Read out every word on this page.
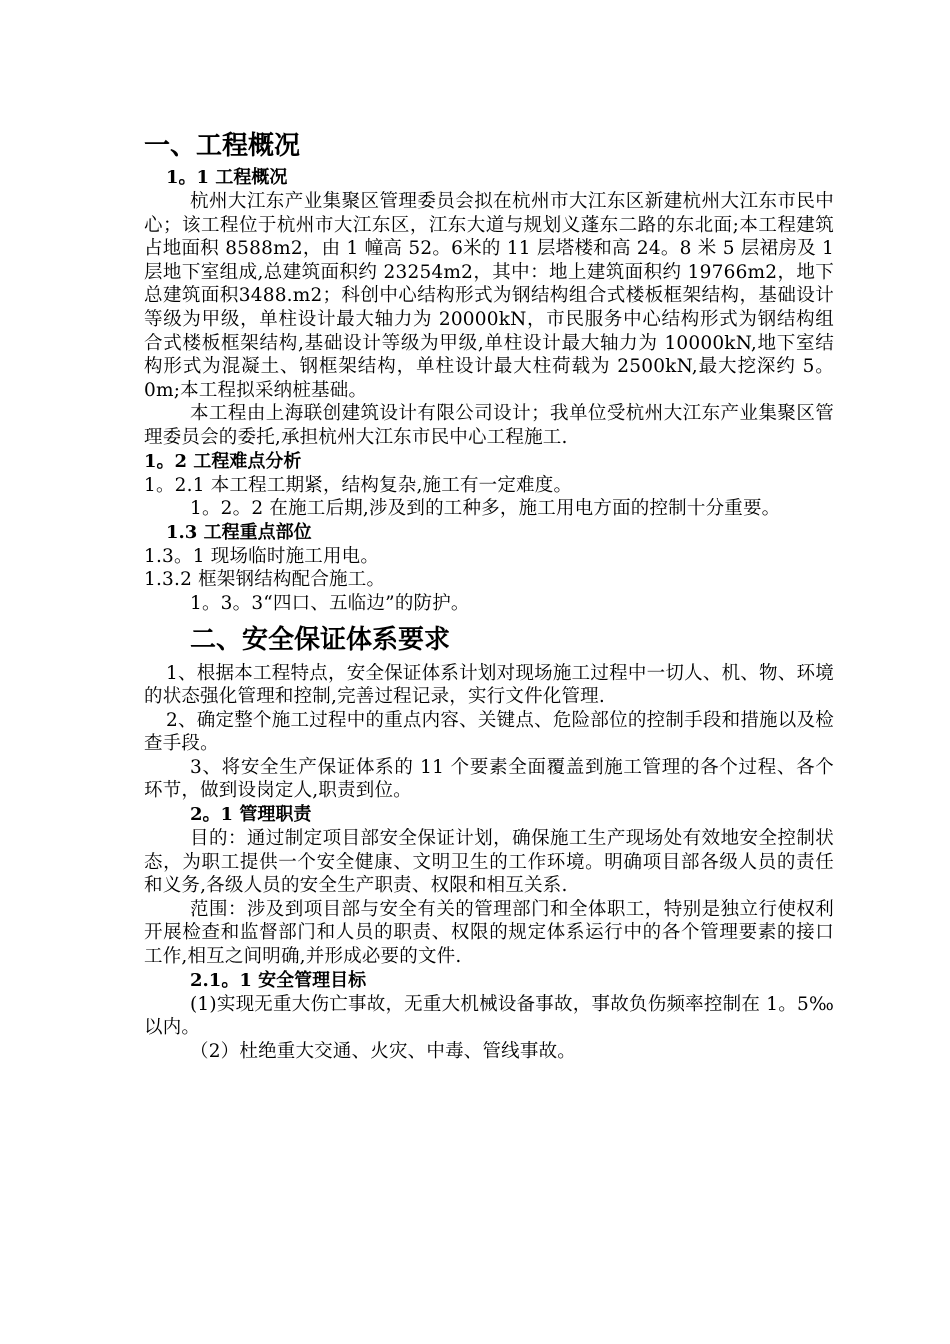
一、工程概况
1。1 工程概况

杭州大江东产业集聚区管理委员会拟在杭州市大江东区新建杭州大江东市民中心；该工程位于杭州市大江东区，江东大道与规划义蓬东二路的东北面;本工程建筑占地面积 8588m2，由 1 幢高 52。6米的 11 层塔楼和高 24。8 米 5 层裙房及 1 层地下室组成,总建筑面积约 23254m2，其中：地上建筑面积约 19766m2，地下总建筑面积3488.m2；科创中心结构形式为钢结构组合式楼板框架结构，基础设计等级为甲级，单柱设计最大轴力为 20000kN，市民服务中心结构形式为钢结构组合式楼板框架结构,基础设计等级为甲级,单柱设计最大轴力为 10000kN,地下室结构形式为混凝土、钢框架结构，单柱设计最大柱荷载为 2500kN,最大挖深约 5。0m;本工程拟采纳桩基础。

本工程由上海联创建筑设计有限公司设计；我单位受杭州大江东产业集聚区管理委员会的委托,承担杭州大江东市民中心工程施工.

1。2 工程难点分析

1。2.1 本工程工期紧，结构复杂,施工有一定难度。

1。2。2 在施工后期,涉及到的工种多，施工用电方面的控制十分重要。

1.3 工程重点部位

1.3。1 现场临时施工用电。

1.3.2 框架钢结构配合施工。

1。3。3“四口、五临边”的防护。

二、安全保证体系要求

1、根据本工程特点，安全保证体系计划对现场施工过程中一切人、机、物、环境的状态强化管理和控制,完善过程记录，实行文件化管理.

2、确定整个施工过程中的重点内容、关键点、危险部位的控制手段和措施以及检查手段。

3、将安全生产保证体系的 11 个要素全面覆盖到施工管理的各个过程、各个环节，做到设岗定人,职责到位。

2。1 管理职责

目的：通过制定项目部安全保证计划，确保施工生产现场处有效地安全控制状态，为职工提供一个安全健康、文明卫生的工作环境。明确项目部各级人员的责任和义务,各级人员的安全生产职责、权限和相互关系.

范围：涉及到项目部与安全有关的管理部门和全体职工，特别是独立行使权利开展检查和监督部门和人员的职责、权限的规定体系运行中的各个管理要素的接口工作,相互之间明确,并形成必要的文件.

2.1。1 安全管理目标

(1)实现无重大伤亡事故，无重大机械设备事故，事故负伤频率控制在 1。5‰以内。

（2）杜绝重大交通、火灾、中毒、管线事故。
